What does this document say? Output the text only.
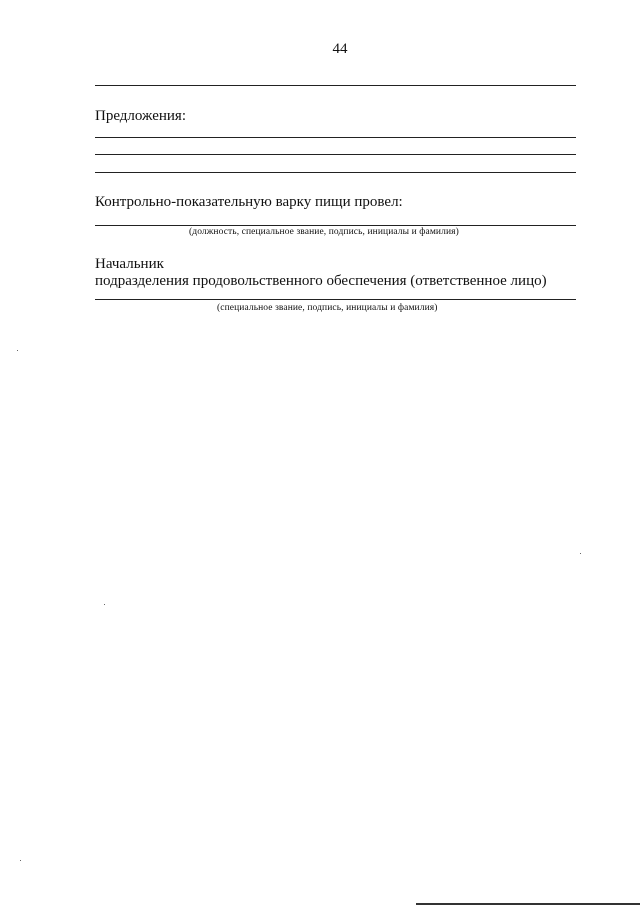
44
Предложения:
Контрольно-показательную варку пищи провел:
(должность, специальное звание, подпись, инициалы и фамилия)
Начальник
подразделения продовольственного обеспечения (ответственное лицо)
(специальное звание, подпись, инициалы и фамилия)
